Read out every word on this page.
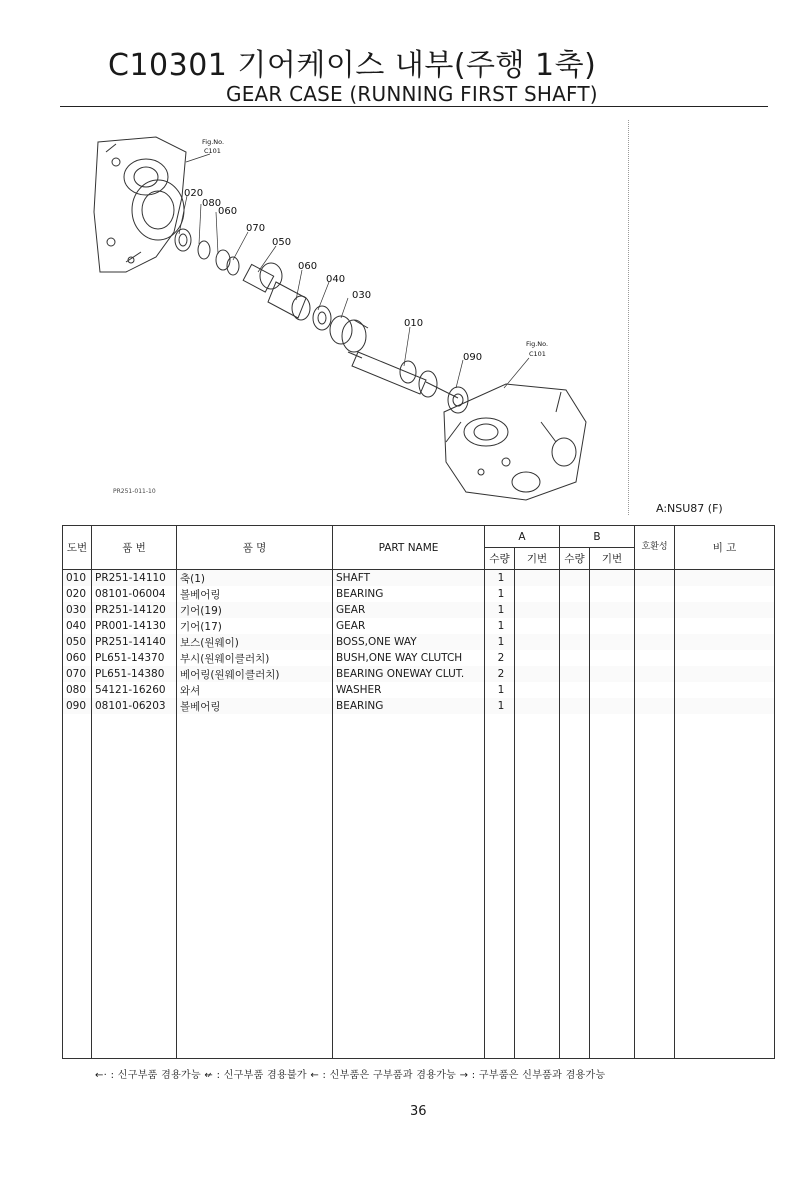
C10301 기어케이스 내부(주행 1축)
GEAR CASE (RUNNING FIRST SHAFT)
020
080
060
070
050
060
040
030
010
090
Fig.No.
C101
Fig.No.
C101
PR251-011-10
A:NSU87 (F)
도번	품 번	품 명	PART NAME	A		B		호환성	비 고
				수량	기번	수량	기번		
010	PR251-14110	축(1)	SHAFT	1					
020	08101-06004	볼베어링	BEARING	1					
030	PR251-14120	기어(19)	GEAR	1					
040	PR001-14130	기어(17)	GEAR	1					
050	PR251-14140	보스(원웨이)	BOSS,ONE WAY	1					
060	PL651-14370	부시(원웨이클러치)	BUSH,ONE WAY CLUTCH	2					
070	PL651-14380	베어링(원웨이클러치)	BEARING ONEWAY CLUT.	2					
080	54121-16260	와셔	WASHER	1					
090	08101-06203	볼베어링	BEARING	1					

←· : 신구부품 겸용가능 ↚ : 신구부품 겸용불가 ← : 신부품은 구부품과 겸용가능 → : 구부품은 신부품과 겸용가능
36
